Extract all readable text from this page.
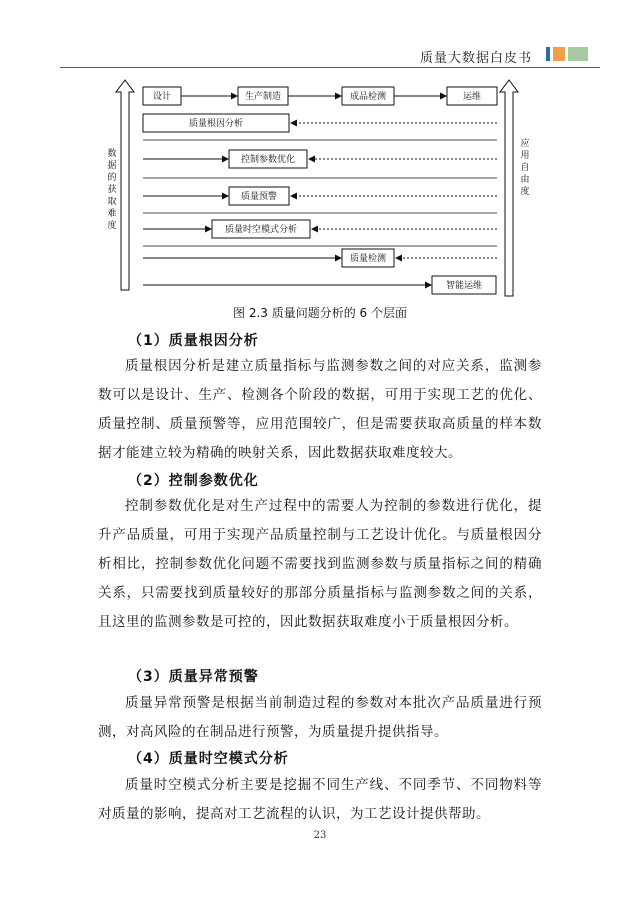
质量大数据白皮书
数
据
的
获
取
难
度
应
用
自
由
度
设计	生产制造	成品检测	运维
质量根因分析
控制参数优化
质量预警
质量时空模式分析
质量检测
智能运维
图 2.3 质量问题分析的 6 个层面
（1）质量根因分析

质量根因分析是建立质量指标与监测参数之间的对应关系，监测参数可以是设计、生产、检测各个阶段的数据，可用于实现工艺的优化、质量控制、质量预警等，应用范围较广，但是需要获取高质量的样本数据才能建立较为精确的映射关系，因此数据获取难度较大。

（2）控制参数优化

控制参数优化是对生产过程中的需要人为控制的参数进行优化，提升产品质量，可用于实现产品质量控制与工艺设计优化。与质量根因分析相比，控制参数优化问题不需要找到监测参数与质量指标之间的精确关系，只需要找到质量较好的那部分质量指标与监测参数之间的关系，且这里的监测参数是可控的，因此数据获取难度小于质量根因分析。

（3）质量异常预警

质量异常预警是根据当前制造过程的参数对本批次产品质量进行预测，对高风险的在制品进行预警，为质量提升提供指导。

（4）质量时空模式分析

质量时空模式分析主要是挖掘不同生产线、不同季节、不同物料等对质量的影响，提高对工艺流程的认识，为工艺设计提供帮助。

23
